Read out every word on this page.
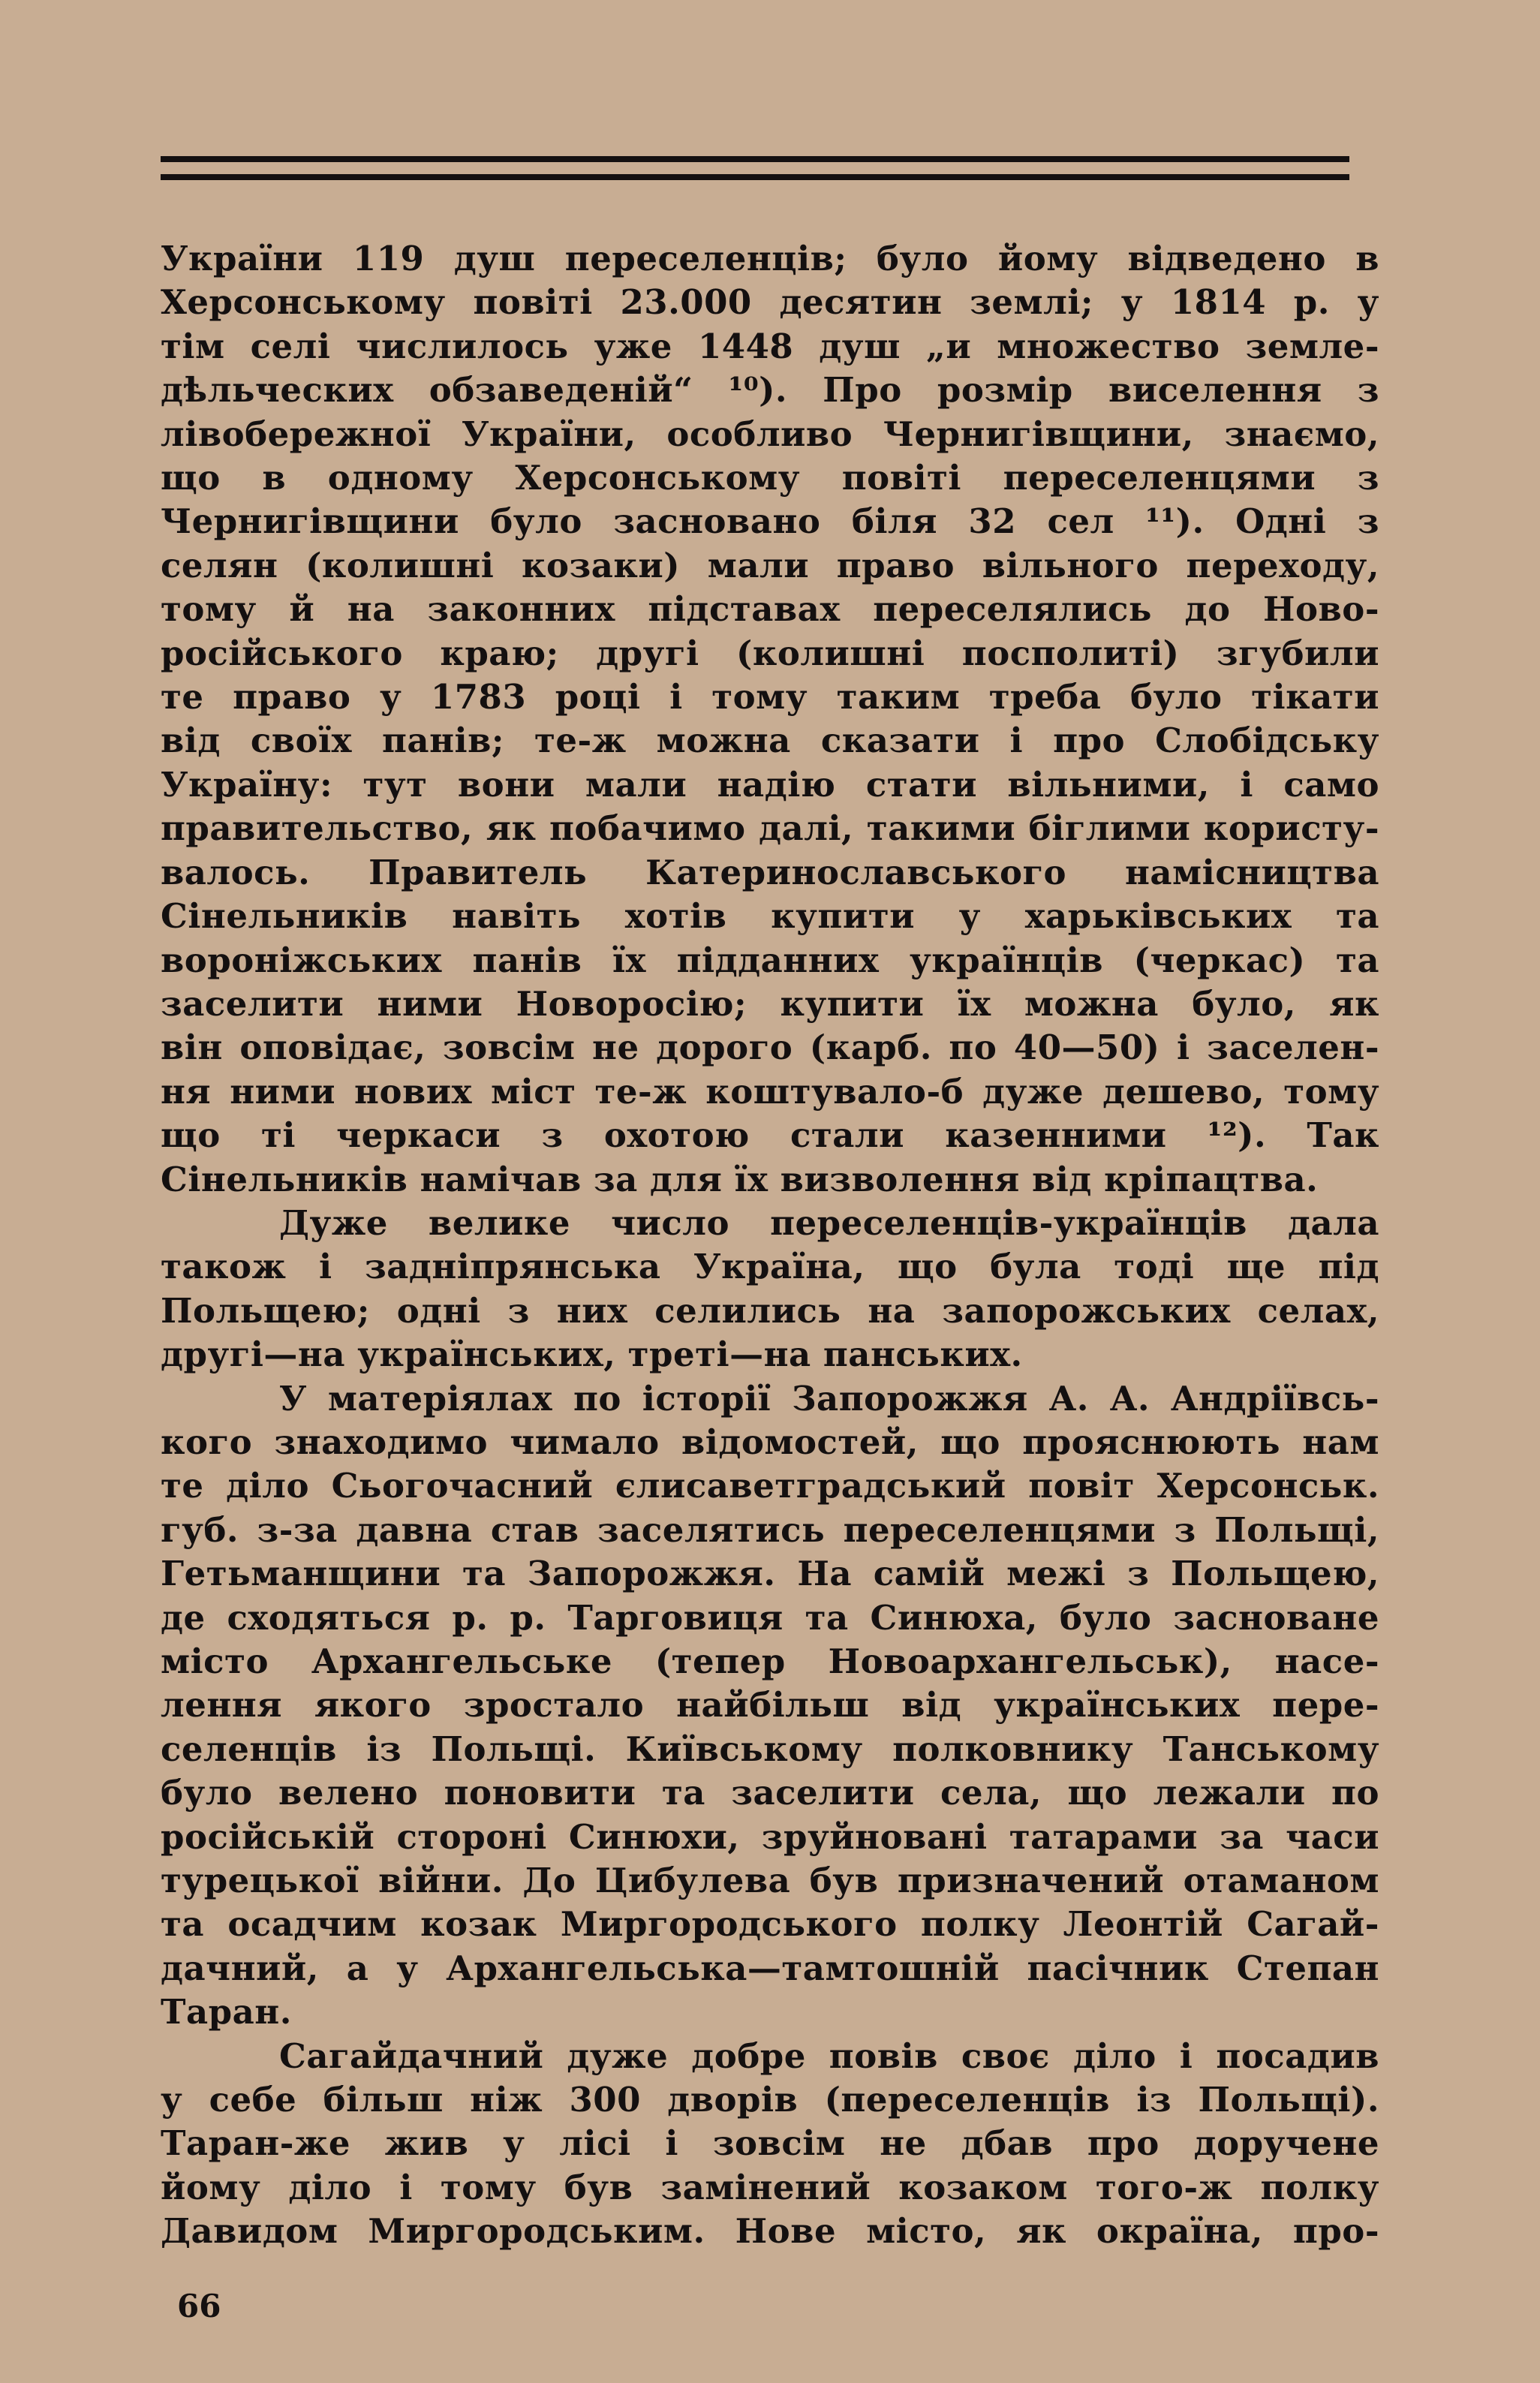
України 119 душ переселенців; було йому відведено в
Херсонському повіті 23.000 десятин землі; у 1814 р. у
тім селі числилось уже 1448 душ „и множество земле-
дѣльческих обзаведеній“ ¹⁰). Про розмір виселення з
лівобережної України, особливо Чернигівщини, знаємо,
що в одному Херсонському повіті переселенцями з
Чернигівщини було засновано біля 32 сел ¹¹). Одні з
селян (колишні козаки) мали право вільного переходу,
тому й на законних підставах переселялись до Ново-
російського краю; другі (колишні посполиті) згубили
те право у 1783 році і тому таким треба було тікати
від своїх панів; те-ж можна сказати і про Слобідську
Україну: тут вони мали надію стати вільними, і само
правительство, як побачимо далі, такими біглими користу-
валось. Правитель Катеринославського намісництва
Сінельників навіть хотів купити у харьківських та
вороніжських панів їх підданних українців (черкас) та
заселити ними Новоросію; купити їх можна було, як
він оповідає, зовсім не дорого (карб. по 40—50) і заселен-
ня ними нових міст те-ж коштувало-б дуже дешево, тому
що ті черкаси з охотою стали казенними ¹²). Так
Сінельників намічав за для їх визволення від кріпацтва.
Дуже велике число переселенців-українців дала
також і задніпрянська Україна, що була тоді ще під
Польщею; одні з них селились на запорожських селах,
другі—на українських, треті—на панських.
У матеріялах по історії Запорожжя А. А. Андріївсь-
кого знаходимо чимало відомостей, що прояснюють нам
те діло Сьогочасний єлисаветградський повіт Херсонськ.
губ. з-за давна став заселятись переселенцями з Польщі,
Гетьманщини та Запорожжя. На самій межі з Польщею,
де сходяться р. р. Тарговиця та Синюха, було засноване
місто Архангельське (тепер Новоархангельськ), насе-
лення якого зростало найбільш від українських пере-
селенців із Польщі. Київському полковнику Танському
було велено поновити та заселити села, що лежали по
російській стороні Синюхи, зруйновані татарами за часи
турецької війни. До Цибулева був призначений отаманом
та осадчим козак Миргородського полку Леонтій Сагай-
дачний, а у Архангельська—тамтошній пасічник Степан
Таран.
Сагайдачний дуже добре повів своє діло і посадив
у себе більш ніж 300 дворів (переселенців із Польщі).
Таран-же жив у лісі і зовсім не дбав про доручене
йому діло і тому був замінений козаком того-ж полку
Давидом Миргородським. Нове місто, як окраїна, про-
66
